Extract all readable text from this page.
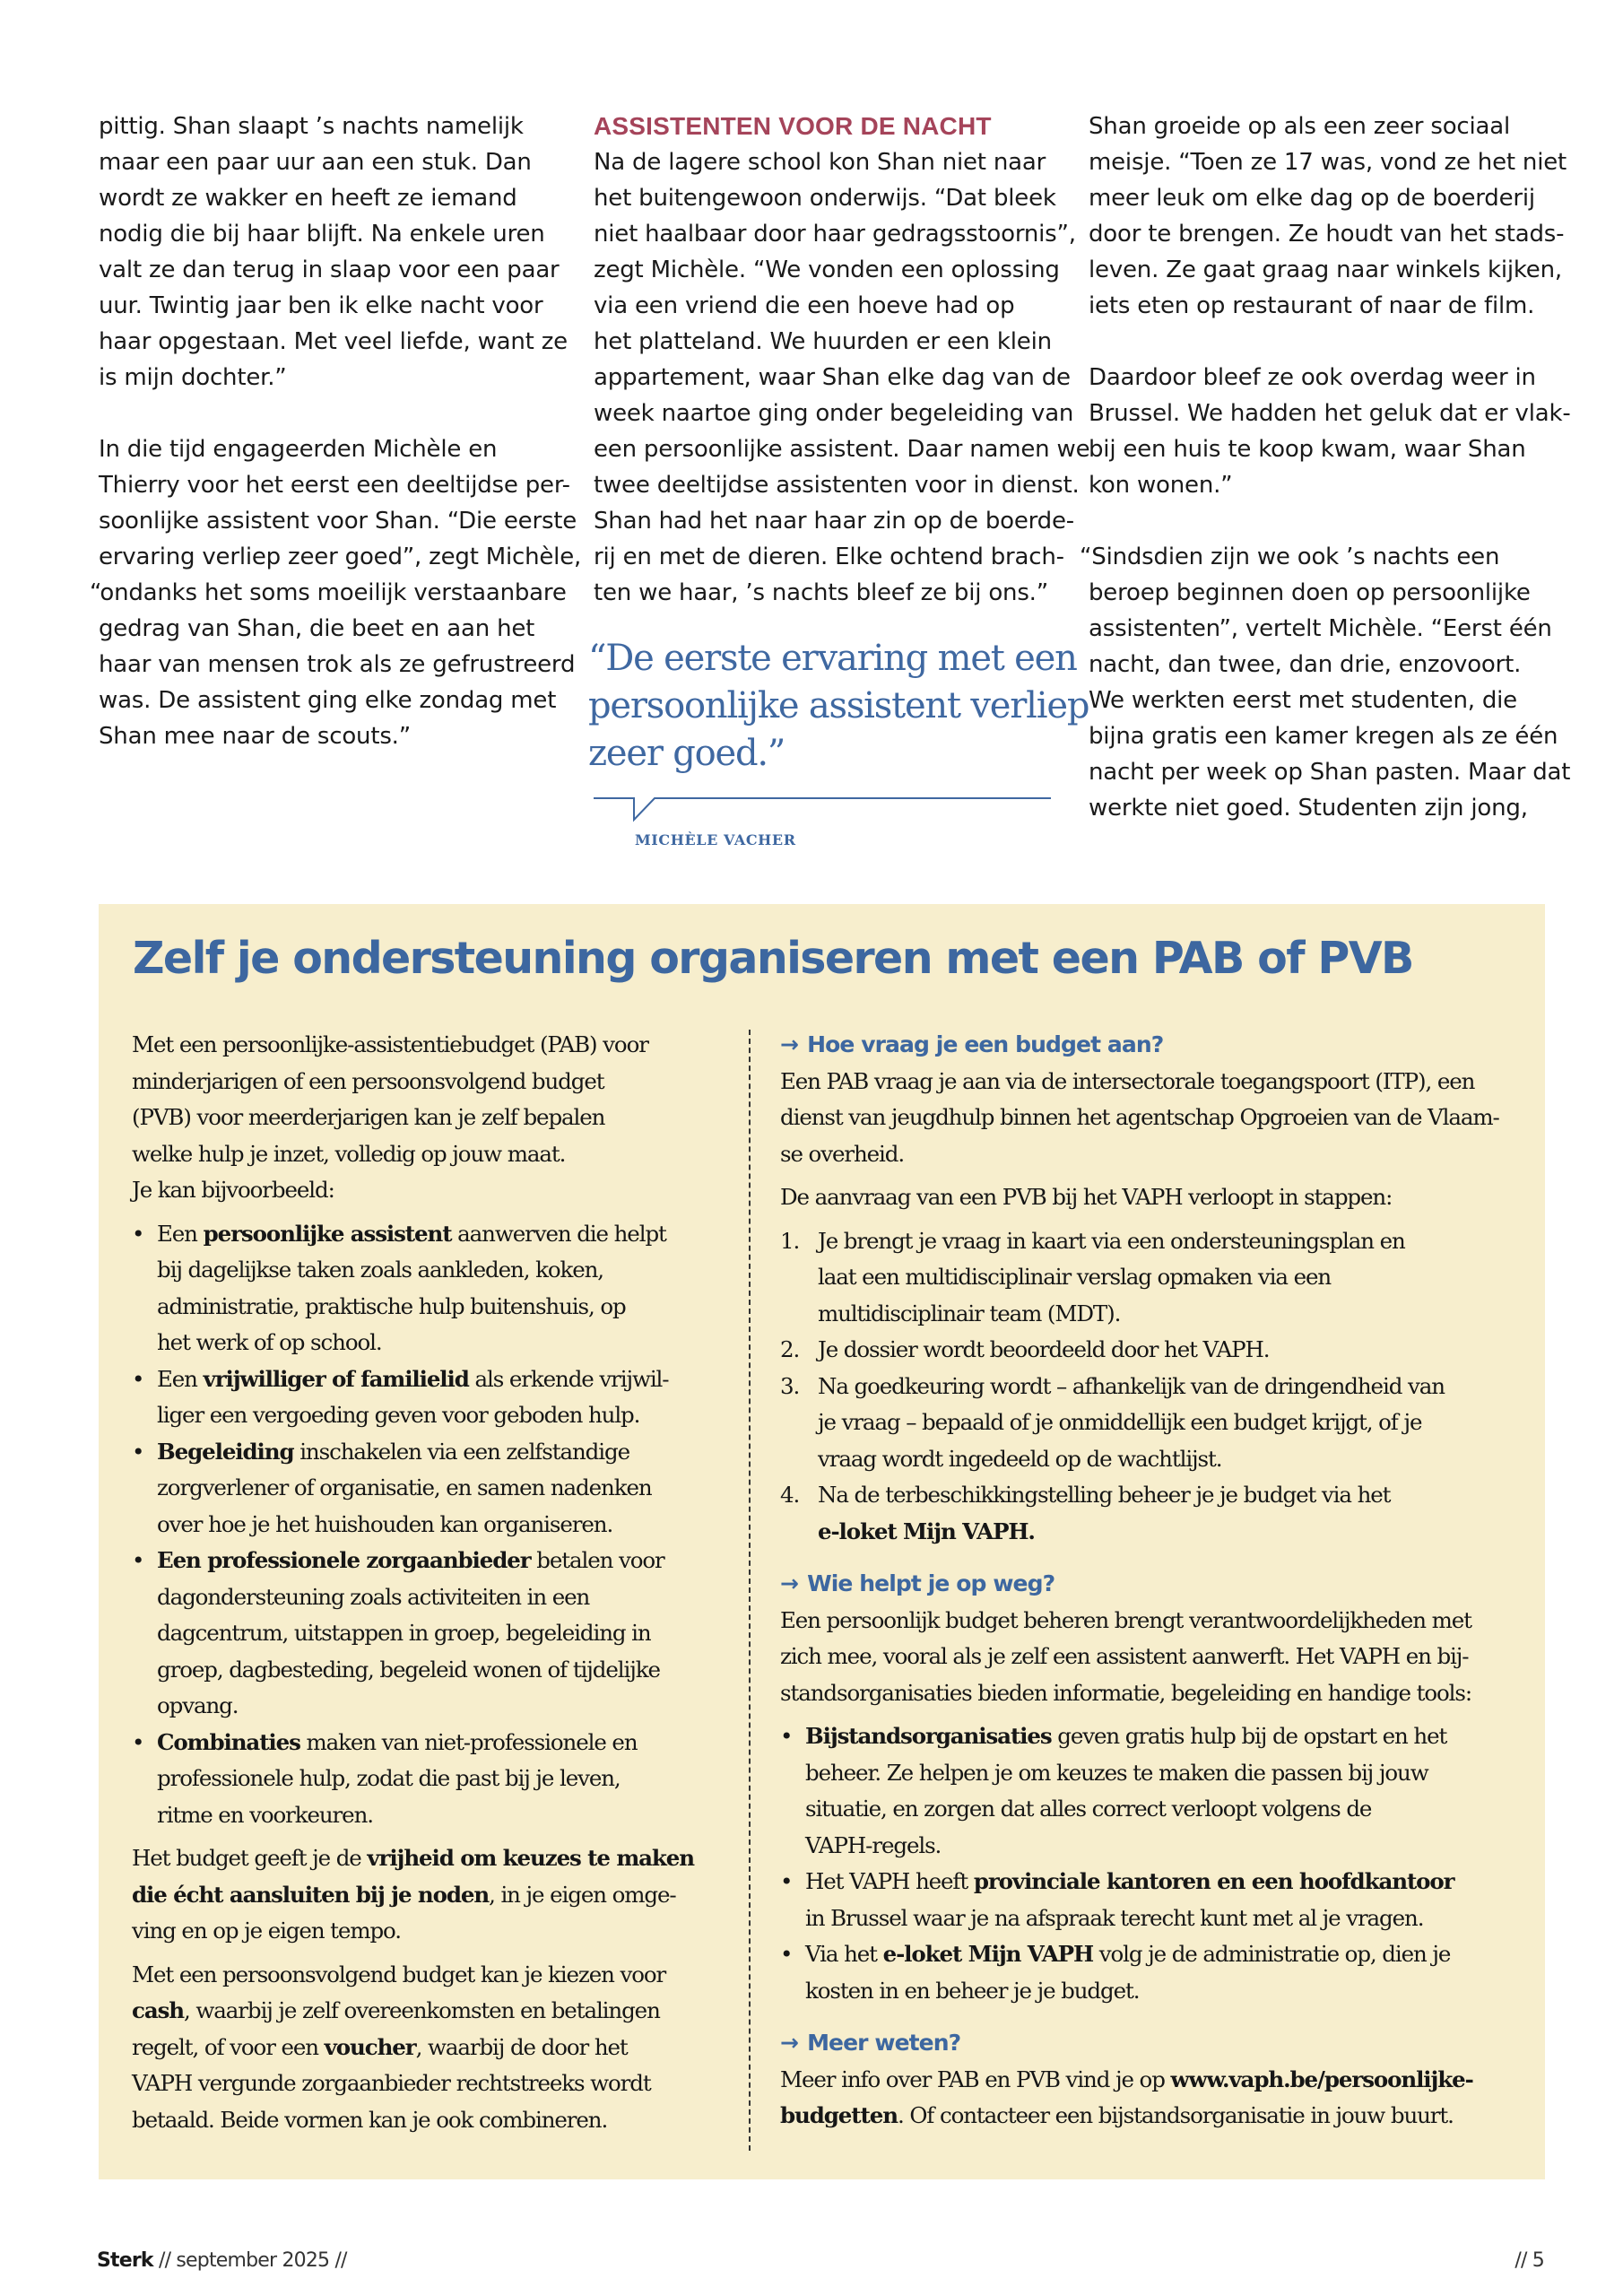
pittig. Shan slaapt ’s nachts namelijk
maar een paar uur aan een stuk. Dan
wordt ze wakker en heeft ze iemand
nodig die bij haar blijft. Na enkele uren
valt ze dan terug in slaap voor een paar
uur. Twintig jaar ben ik elke nacht voor
haar opgestaan. Met veel liefde, want ze
is mijn dochter.”
In die tijd engageerden Michèle en
Thierry voor het eerst een deeltijdse per-
soonlijke assistent voor Shan. “Die eerste
ervaring verliep zeer goed”, zegt Michèle,
“ondanks het soms moeilijk verstaanbare
gedrag van Shan, die beet en aan het
haar van mensen trok als ze gefrustreerd
was. De assistent ging elke zondag met
Shan mee naar de scouts.”
ASSISTENTEN VOOR DE NACHT
Na de lagere school kon Shan niet naar
het buitengewoon onderwijs. “Dat bleek
niet haalbaar door haar gedragsstoornis”,
zegt Michèle. “We vonden een oplossing
via een vriend die een hoeve had op
het platteland. We huurden er een klein
appartement, waar Shan elke dag van de
week naartoe ging onder begeleiding van
een persoonlijke assistent. Daar namen we
twee deeltijdse assistenten voor in dienst.
Shan had het naar haar zin op de boerde-
rij en met de dieren. Elke ochtend brach-
ten we haar, ’s nachts bleef ze bij ons.”
“De eerste ervaring met een
persoonlijke assistent verliep
zeer goed.”
MICHÈLE VACHER
Shan groeide op als een zeer sociaal
meisje. “Toen ze 17 was, vond ze het niet
meer leuk om elke dag op de boerderij
door te brengen. Ze houdt van het stads-
leven. Ze gaat graag naar winkels kijken,
iets eten op restaurant of naar de film.
Daardoor bleef ze ook overdag weer in
Brussel. We hadden het geluk dat er vlak-
bij een huis te koop kwam, waar Shan
kon wonen.”
“Sindsdien zijn we ook ’s nachts een
beroep beginnen doen op persoonlijke
assistenten”, vertelt Michèle. “Eerst één
nacht, dan twee, dan drie, enzovoort.
We werkten eerst met studenten, die
bijna gratis een kamer kregen als ze één
nacht per week op Shan pasten. Maar dat
werkte niet goed. Studenten zijn jong,
Zelf je ondersteuning organiseren met een PAB of PVB
Met een persoonlijke-assistentiebudget (PAB) voor
minderjarigen of een persoonsvolgend budget
(PVB) voor meerderjarigen kan je zelf bepalen
welke hulp je inzet, volledig op jouw maat.
Je kan bijvoorbeeld:
• Een persoonlijke assistent aanwerven die helpt
bij dagelijkse taken zoals aankleden, koken,
administratie, praktische hulp buitenshuis, op
het werk of op school.
• Een vrijwilliger of familielid als erkende vrijwil-
liger een vergoeding geven voor geboden hulp.
• Begeleiding inschakelen via een zelfstandige
zorgverlener of organisatie, en samen nadenken
over hoe je het huishouden kan organiseren.
• Een professionele zorgaanbieder betalen voor
dagondersteuning zoals activiteiten in een
dagcentrum, uitstappen in groep, begeleiding in
groep, dagbesteding, begeleid wonen of tijdelijke
opvang.
• Combinaties maken van niet-professionele en
professionele hulp, zodat die past bij je leven,
ritme en voorkeuren.
Het budget geeft je de vrijheid om keuzes te maken
die écht aansluiten bij je noden, in je eigen omge-
ving en op je eigen tempo.
Met een persoonsvolgend budget kan je kiezen voor
cash, waarbij je zelf overeenkomsten en betalingen
regelt, of voor een voucher, waarbij de door het
VAPH vergunde zorgaanbieder rechtstreeks wordt
betaald. Beide vormen kan je ook combineren.
→ Hoe vraag je een budget aan?
Een PAB vraag je aan via de intersectorale toegangspoort (ITP), een
dienst van jeugdhulp binnen het agentschap Opgroeien van de Vlaam-
se overheid.
De aanvraag van een PVB bij het VAPH verloopt in stappen:
1. Je brengt je vraag in kaart via een ondersteuningsplan en
laat een multidisciplinair verslag opmaken via een
multidisciplinair team (MDT).
2. Je dossier wordt beoordeeld door het VAPH.
3. Na goedkeuring wordt – afhankelijk van de dringendheid van
je vraag – bepaald of je onmiddellijk een budget krijgt, of je
vraag wordt ingedeeld op de wachtlijst.
4. Na de terbeschikkingstelling beheer je je budget via het
e-loket Mijn VAPH.
→ Wie helpt je op weg?
Een persoonlijk budget beheren brengt verantwoordelijkheden met
zich mee, vooral als je zelf een assistent aanwerft. Het VAPH en bij-
standsorganisaties bieden informatie, begeleiding en handige tools:
• Bijstandsorganisaties geven gratis hulp bij de opstart en het
beheer. Ze helpen je om keuzes te maken die passen bij jouw
situatie, en zorgen dat alles correct verloopt volgens de
VAPH-regels.
• Het VAPH heeft provinciale kantoren en een hoofdkantoor
in Brussel waar je na afspraak terecht kunt met al je vragen.
• Via het e-loket Mijn VAPH volg je de administratie op, dien je
kosten in en beheer je je budget.
→ Meer weten?
Meer info over PAB en PVB vind je op www.vaph.be/persoonlijke-
budgetten. Of contacteer een bijstandsorganisatie in jouw buurt.
Sterk // september 2025 //	// 5
